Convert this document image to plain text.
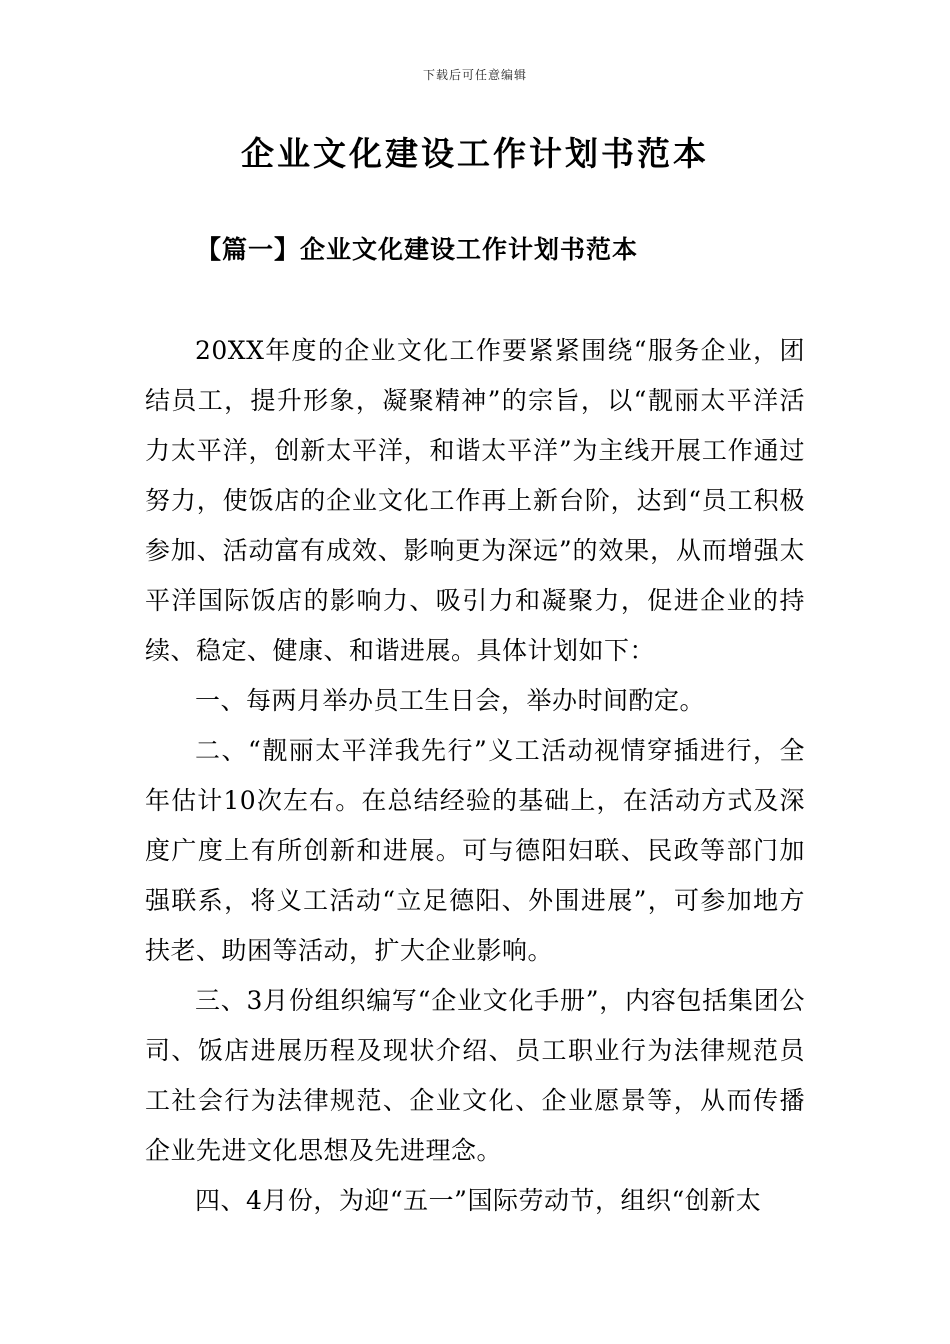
下载后可任意编辑
企业文化建设工作计划书范本
【篇一】企业文化建设工作计划书范本

20XX年度的企业文化工作要紧紧围绕“服务企业，团结员工，提升形象，凝聚精神”的宗旨，以“靓丽太平洋活力太平洋，创新太平洋，和谐太平洋”为主线开展工作通过努力，使饭店的企业文化工作再上新台阶，达到“员工积极参加、活动富有成效、影响更为深远”的效果，从而增强太平洋国际饭店的影响力、吸引力和凝聚力，促进企业的持续、稳定、健康、和谐进展。具体计划如下：

一、每两月举办员工生日会，举办时间酌定。

二、“靓丽太平洋我先行”义工活动视情穿插进行，全年估计10次左右。在总结经验的基础上，在活动方式及深度广度上有所创新和进展。可与德阳妇联、民政等部门加强联系，将义工活动“立足德阳、外围进展”，可参加地方扶老、助困等活动，扩大企业影响。

三、3月份组织编写“企业文化手册”，内容包括集团公司、饭店进展历程及现状介绍、员工职业行为法律规范员工社会行为法律规范、企业文化、企业愿景等，从而传播企业先进文化思想及先进理念。

四、4月份，为迎“五一”国际劳动节，组织“创新太
